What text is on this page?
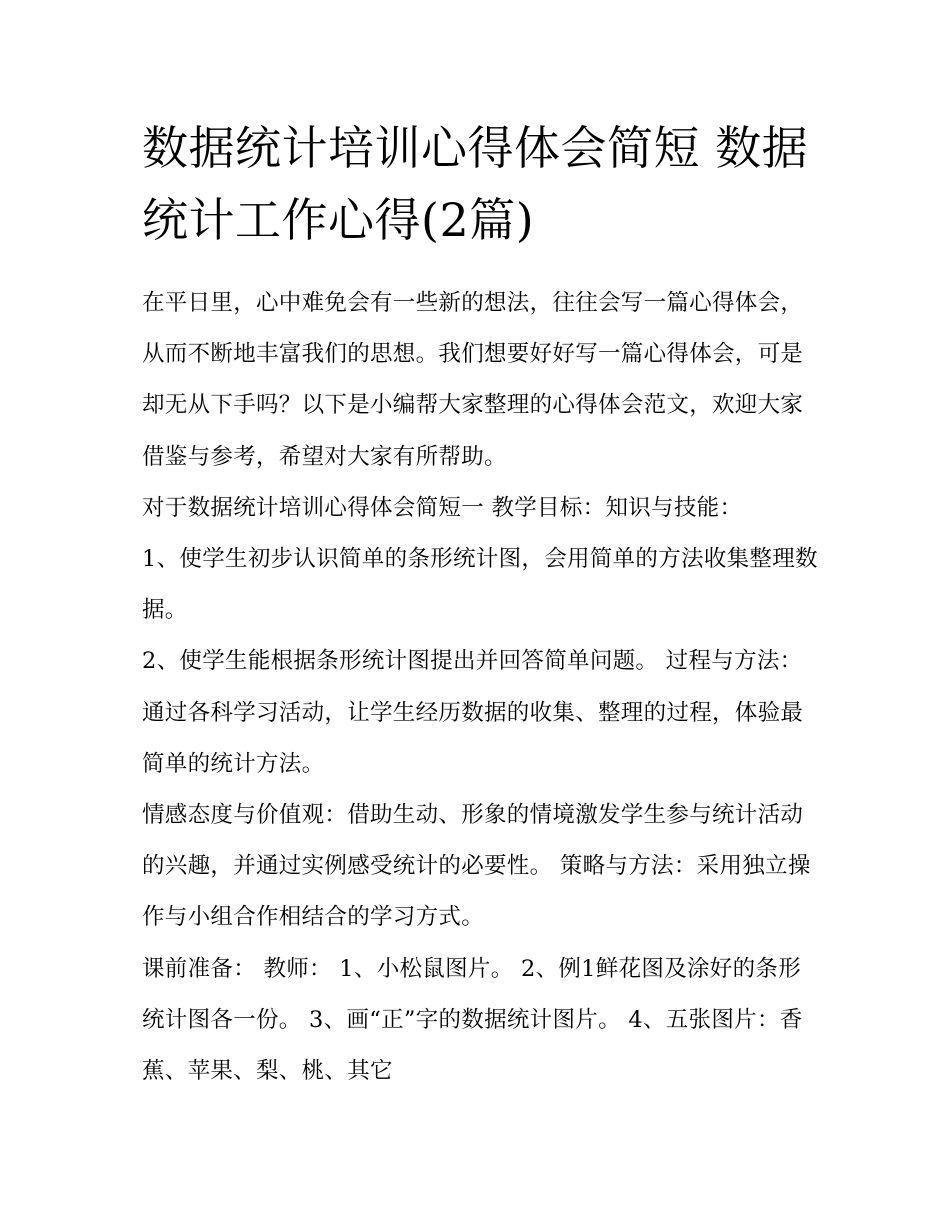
数据统计培训心得体会简短 数据统计工作心得(2篇)

在平日里，心中难免会有一些新的想法，往往会写一篇心得体会，从而不断地丰富我们的思想。我们想要好好写一篇心得体会，可是却无从下手吗？以下是小编帮大家整理的心得体会范文，欢迎大家借鉴与参考，希望对大家有所帮助。

对于数据统计培训心得体会简短一 教学目标：知识与技能：

1、使学生初步认识简单的条形统计图，会用简单的方法收集整理数据。

2、使学生能根据条形统计图提出并回答简单问题。 过程与方法：通过各科学习活动，让学生经历数据的收集、整理的过程，体验最简单的统计方法。

情感态度与价值观：借助生动、形象的情境激发学生参与统计活动的兴趣，并通过实例感受统计的必要性。 策略与方法：采用独立操作与小组合作相结合的学习方式。

课前准备： 教师： 1、小松鼠图片。 2、例1鲜花图及涂好的条形统计图各一份。 3、画“正”字的数据统计图片。 4、五张图片：香蕉、苹果、梨、桃、其它
